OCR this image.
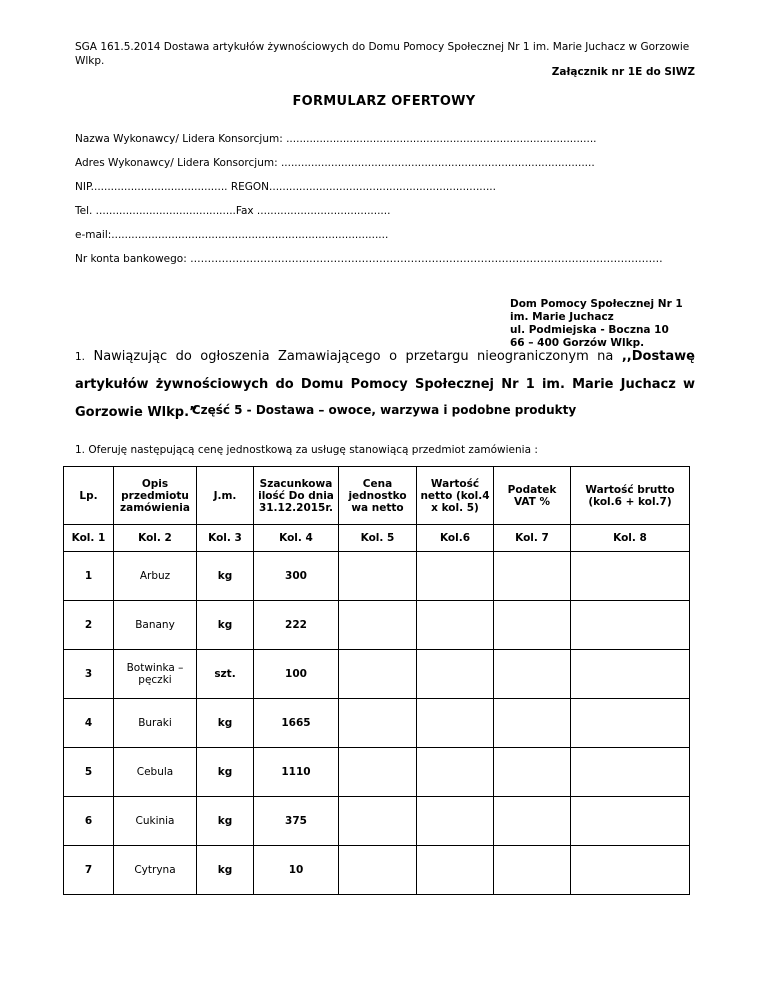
SGA 161.5.2014 Dostawa artykułów żywnościowych do Domu Pomocy Społecznej Nr 1 im. Marie Juchacz w Gorzowie Wlkp.
Załącznik nr 1E do SIWZ
FORMULARZ OFERTOWY
Nazwa Wykonawcy/ Lidera Konsorcjum: .............................................................................................
Adres Wykonawcy/ Lidera Konsorcjum: ..............................................................................................
NIP......................................... REGON....................................................................
Tel. ..........................................Fax ........................................
e-mail:...................................................................................
Nr konta bankowego: ………………………………………………………………………………………………………………………
Dom Pomocy Społecznej Nr 1
im. Marie Juchacz
ul. Podmiejska - Boczna 10
66 – 400 Gorzów Wlkp.
1. Nawiązując do ogłoszenia Zamawiającego o przetargu nieograniczonym na ,,Dostawę artykułów żywnościowych do Domu Pomocy Społecznej Nr 1 im. Marie Juchacz w Gorzowie Wlkp.”
Część 5 - Dostawa – owoce, warzywa i podobne produkty
1. Oferuję następującą cenę jednostkową za usługę stanowiącą przedmiot zamówienia :
Lp.	Opis przedmiotu zamówienia	J.m.	Szacunkowa ilość Do dnia 31.12.2015r.	Cena jednostko wa netto	Wartość netto (kol.4 x kol. 5)	Podatek VAT %	Wartość brutto (kol.6 + kol.7)
Kol. 1	Kol. 2	Kol. 3	Kol. 4	Kol. 5	Kol.6	Kol. 7	Kol. 8
1	Arbuz	kg	300				
2	Banany	kg	222				
3	Botwinka – pęczki	szt.	100				
4	Buraki	kg	1665				
5	Cebula	kg	1110				
6	Cukinia	kg	375				
7	Cytryna	kg	10				
